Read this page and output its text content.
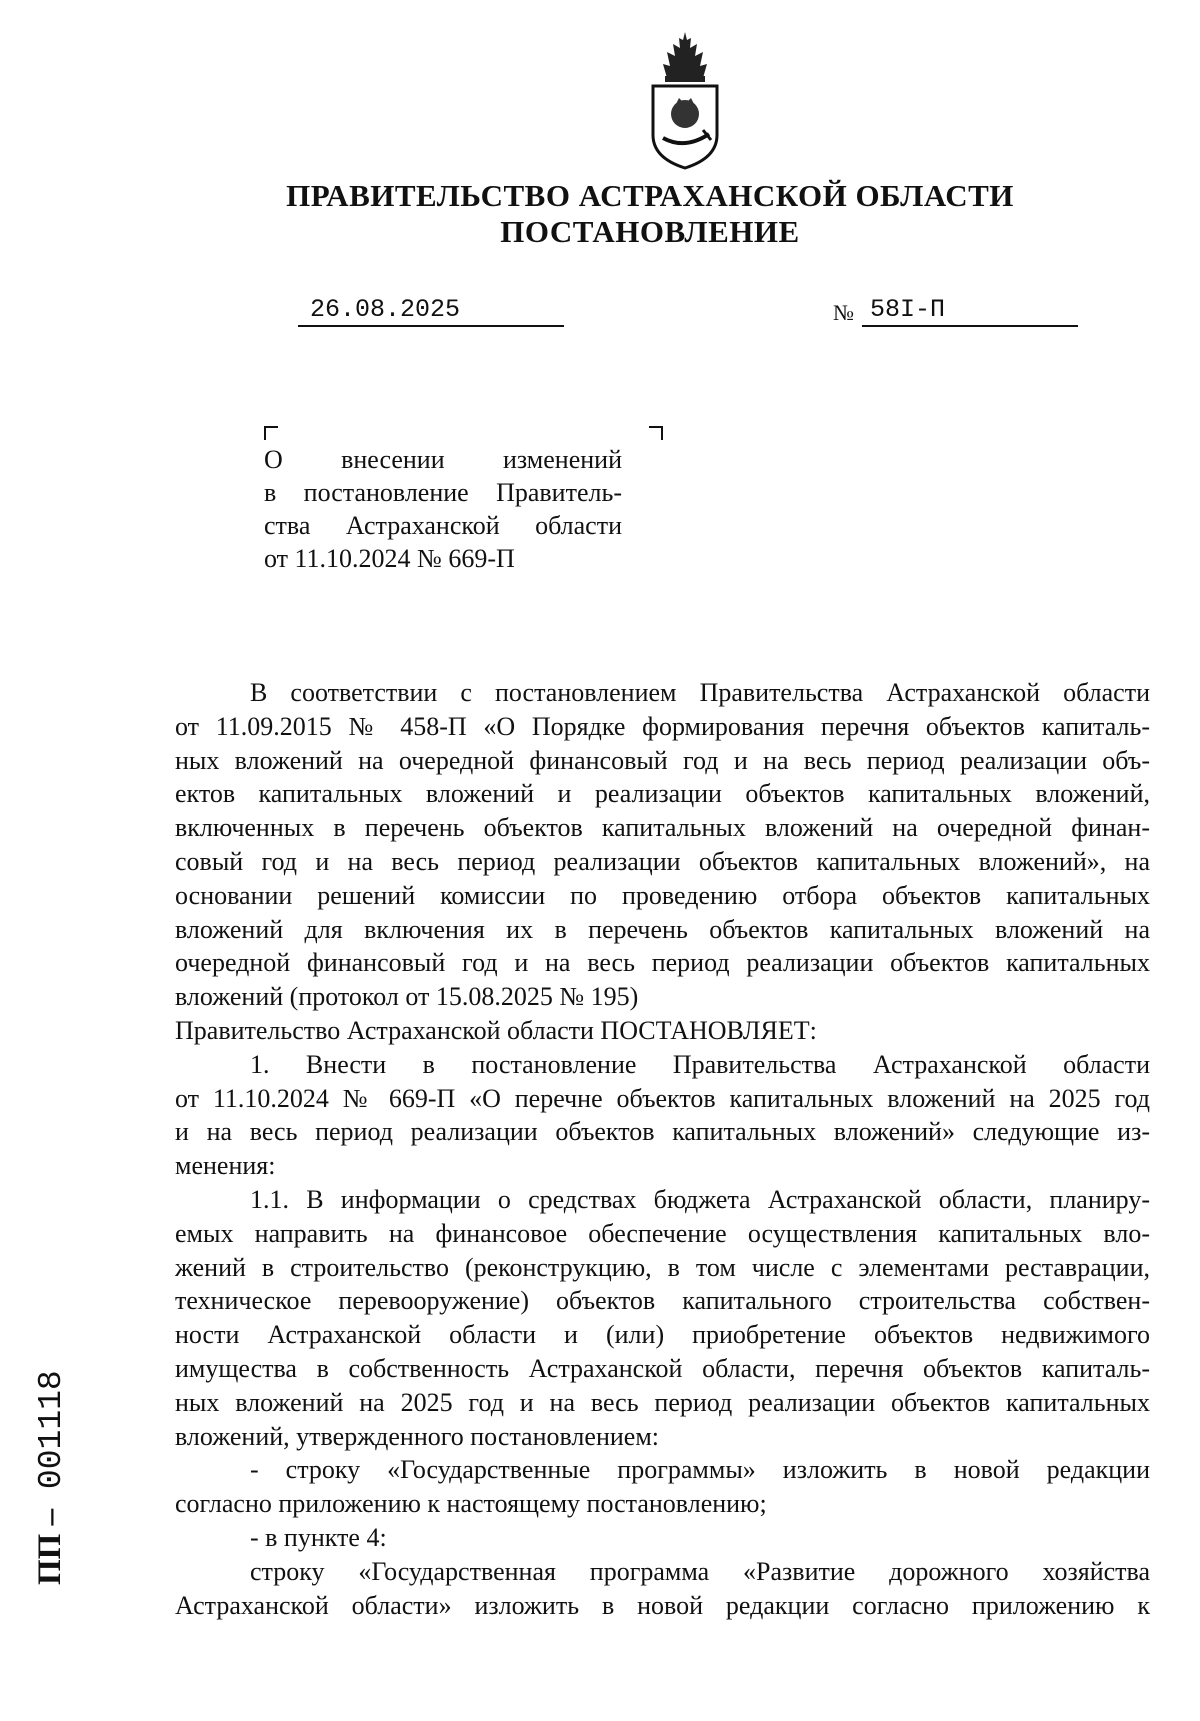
ПРАВИТЕЛЬСТВО АСТРАХАНСКОЙ ОБЛАСТИ
ПОСТАНОВЛЕНИЕ
26.08.2025	№ 58I-П
О внесении изменений
в постановление Правитель-
ства Астраханской области
от 11.10.2024 № 669-П
В соответствии с постановлением Правительства Астраханской области
от 11.09.2015 № 458-П «О Порядке формирования перечня объектов капиталь-
ных вложений на очередной финансовый год и на весь период реализации объ-
ектов капитальных вложений и реализации объектов капитальных вложений,
включенных в перечень объектов капитальных вложений на очередной финан-
совый год и на весь период реализации объектов капитальных вложений», на
основании решений комиссии по проведению отбора объектов капитальных
вложений для включения их в перечень объектов капитальных вложений на
очередной финансовый год и на весь период реализации объектов капитальных
вложений (протокол от 15.08.2025 № 195)
Правительство Астраханской области ПОСТАНОВЛЯЕТ:
1. Внести в постановление Правительства Астраханской области
от 11.10.2024 № 669-П «О перечне объектов капитальных вложений на 2025 год
и на весь период реализации объектов капитальных вложений» следующие из-
менения:
1.1. В информации о средствах бюджета Астраханской области, планиру-
емых направить на финансовое обеспечение осуществления капитальных вло-
жений в строительство (реконструкцию, в том числе с элементами реставрации,
техническое перевооружение) объектов капитального строительства собствен-
ности Астраханской области и (или) приобретение объектов недвижимого
имущества в собственность Астраханской области, перечня объектов капиталь-
ных вложений на 2025 год и на весь период реализации объектов капитальных
вложений, утвержденного постановлением:
- строку «Государственные программы» изложить в новой редакции
согласно приложению к настоящему постановлению;
- в пункте 4:
строку «Государственная программа «Развитие дорожного хозяйства
Астраханской области» изложить в новой редакции согласно приложению к
ПП – 001118
